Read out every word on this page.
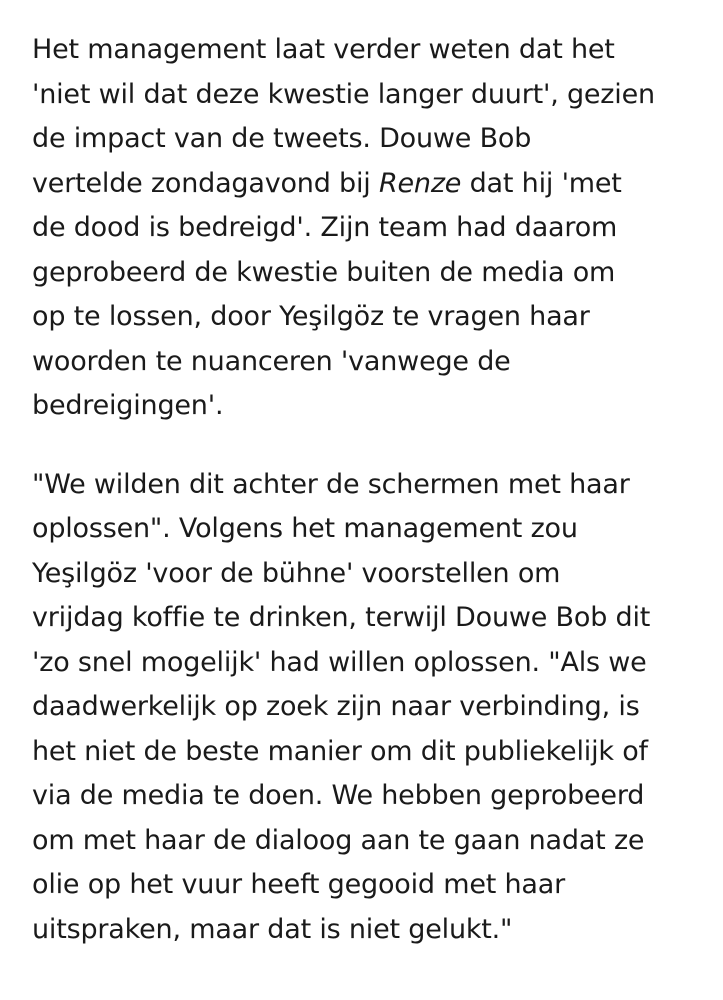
Het management laat verder weten dat het
'niet wil dat deze kwestie langer duurt', gezien
de impact van de tweets. Douwe Bob
vertelde zondagavond bij Renze dat hij 'met
de dood is bedreigd'. Zijn team had daarom
geprobeerd de kwestie buiten de media om
op te lossen, door Yeşilgöz te vragen haar
woorden te nuanceren 'vanwege de
bedreigingen'.

"We wilden dit achter de schermen met haar
oplossen". Volgens het management zou
Yeşilgöz 'voor de bühne' voorstellen om
vrijdag koffie te drinken, terwijl Douwe Bob dit
'zo snel mogelijk' had willen oplossen. "Als we
daadwerkelijk op zoek zijn naar verbinding, is
het niet de beste manier om dit publiekelijk of
via de media te doen. We hebben geprobeerd
om met haar de dialoog aan te gaan nadat ze
olie op het vuur heeft gegooid met haar
uitspraken, maar dat is niet gelukt."
